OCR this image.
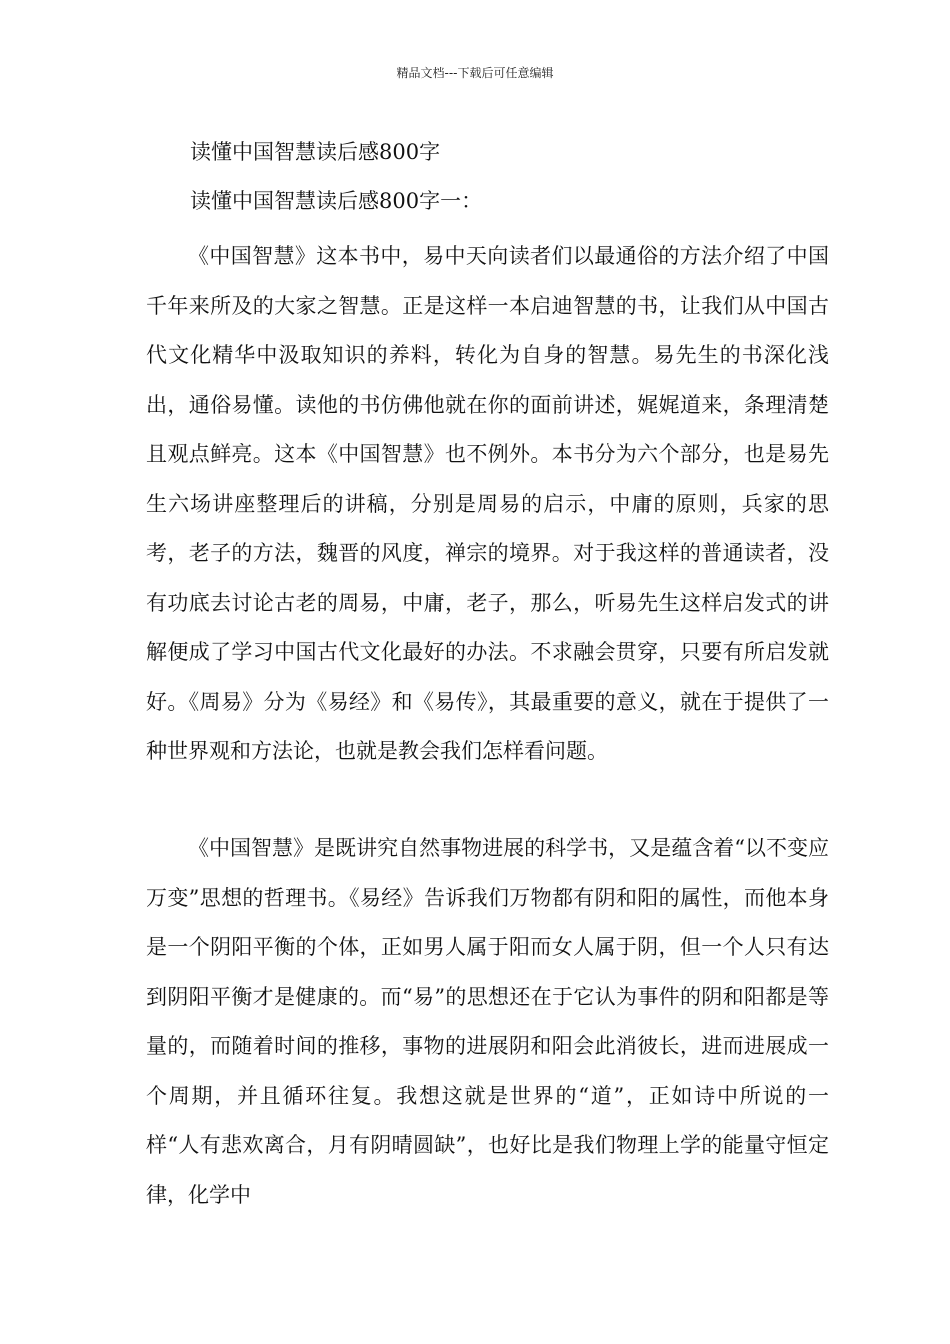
精品文档---下载后可任意编辑
读懂中国智慧读后感800字
读懂中国智慧读后感800字一：

《中国智慧》这本书中，易中天向读者们以最通俗的方法介绍了中国千年来所及的大家之智慧。正是这样一本启迪智慧的书，让我们从中国古代文化精华中汲取知识的养料，转化为自身的智慧。易先生的书深化浅出，通俗易懂。读他的书仿佛他就在你的面前讲述，娓娓道来，条理清楚且观点鲜亮。这本《中国智慧》也不例外。本书分为六个部分，也是易先生六场讲座整理后的讲稿，分别是周易的启示，中庸的原则，兵家的思考，老子的方法，魏晋的风度，禅宗的境界。对于我这样的普通读者，没有功底去讨论古老的周易，中庸，老子，那么，听易先生这样启发式的讲解便成了学习中国古代文化最好的办法。不求融会贯穿，只要有所启发就好。《周易》分为《易经》和《易传》，其最重要的意义，就在于提供了一种世界观和方法论，也就是教会我们怎样看问题。

《中国智慧》是既讲究自然事物进展的科学书，又是蕴含着“以不变应万变”思想的哲理书。《易经》告诉我们万物都有阴和阳的属性，而他本身是一个阴阳平衡的个体，正如男人属于阳而女人属于阴，但一个人只有达到阴阳平衡才是健康的。而“易”的思想还在于它认为事件的阴和阳都是等量的，而随着时间的推移，事物的进展阴和阳会此消彼长，进而进展成一个周期，并且循环往复。我想这就是世界的“道”，正如诗中所说的一样“人有悲欢离合，月有阴晴圆缺”，也好比是我们物理上学的能量守恒定律，化学中
